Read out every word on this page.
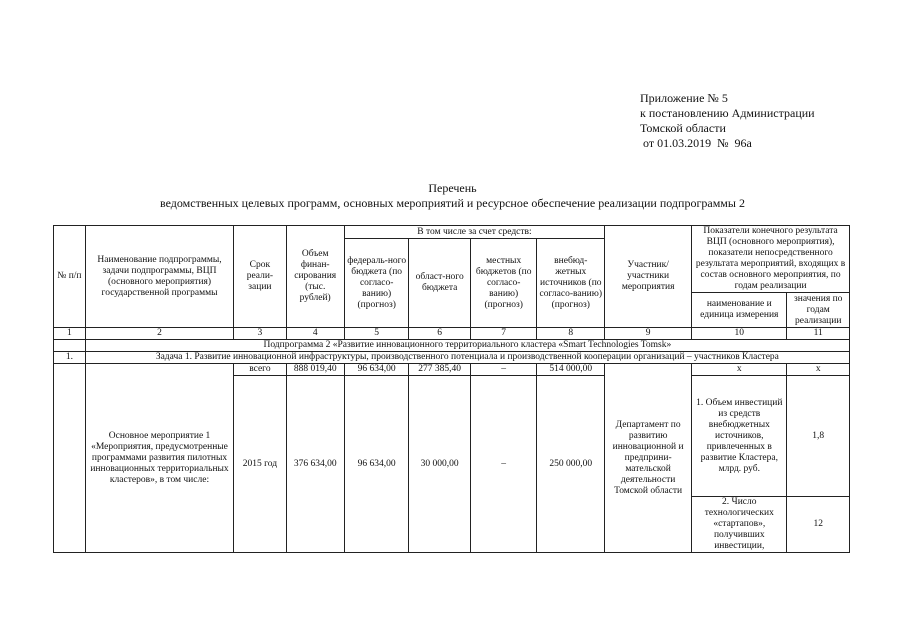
Приложение № 5
к постановлению Администрации
Томской области
от 01.03.2019  №  96а
Перечень
ведомственных целевых программ, основных мероприятий и ресурсное обеспечение реализации подпрограммы 2
№ п/п	Наименование подпрограммы, задачи подпрограммы, ВЦП (основного мероприятия) государственной программы	Срок реали-зации	Объем финан-сирования (тыс. рублей)	В том числе за счет средств:				Участник/ участники мероприятия	Показатели конечного результата ВЦП (основного мероприятия), показатели непосредственного результата мероприятий, входящих в состав основного мероприятия, по годам реализации	
				федераль-ного бюджета (по согласо-ванию) (прогноз)	област-ного бюджета	местных бюджетов (по согласо-ванию) (прогноз)	внебюд-жетных источников (по согласо-ванию) (прогноз)			
									наименование и единица измерения	значения по годам реализации
1	2	3	4	5	6	7	8	9	10	11
	Подпрограмма 2 «Развитие инновационного территориального кластера «Smart Technologies Tomsk»									
1.	Задача 1. Развитие инновационной инфраструктуры, производственного потенциала и производственной кооперации организаций – участников Кластера									
	Основное мероприятие 1 «Мероприятия, предусмотренные программами развития пилотных инновационных территориальных кластеров», в том числе:	всего	888 019,40	96 634,00	277 385,40	–	514 000,00	Департамент по развитию инновационной и предприни-мательской деятельности Томской области	x	x
		2015 год	376 634,00	96 634,00	30 000,00	–	250 000,00		1. Объем инвестиций из средств внебюджетных источников, привлеченных в развитие Кластера, млрд. руб.	1,8
									2. Число технологических «стартапов», получивших инвестиции,	12
